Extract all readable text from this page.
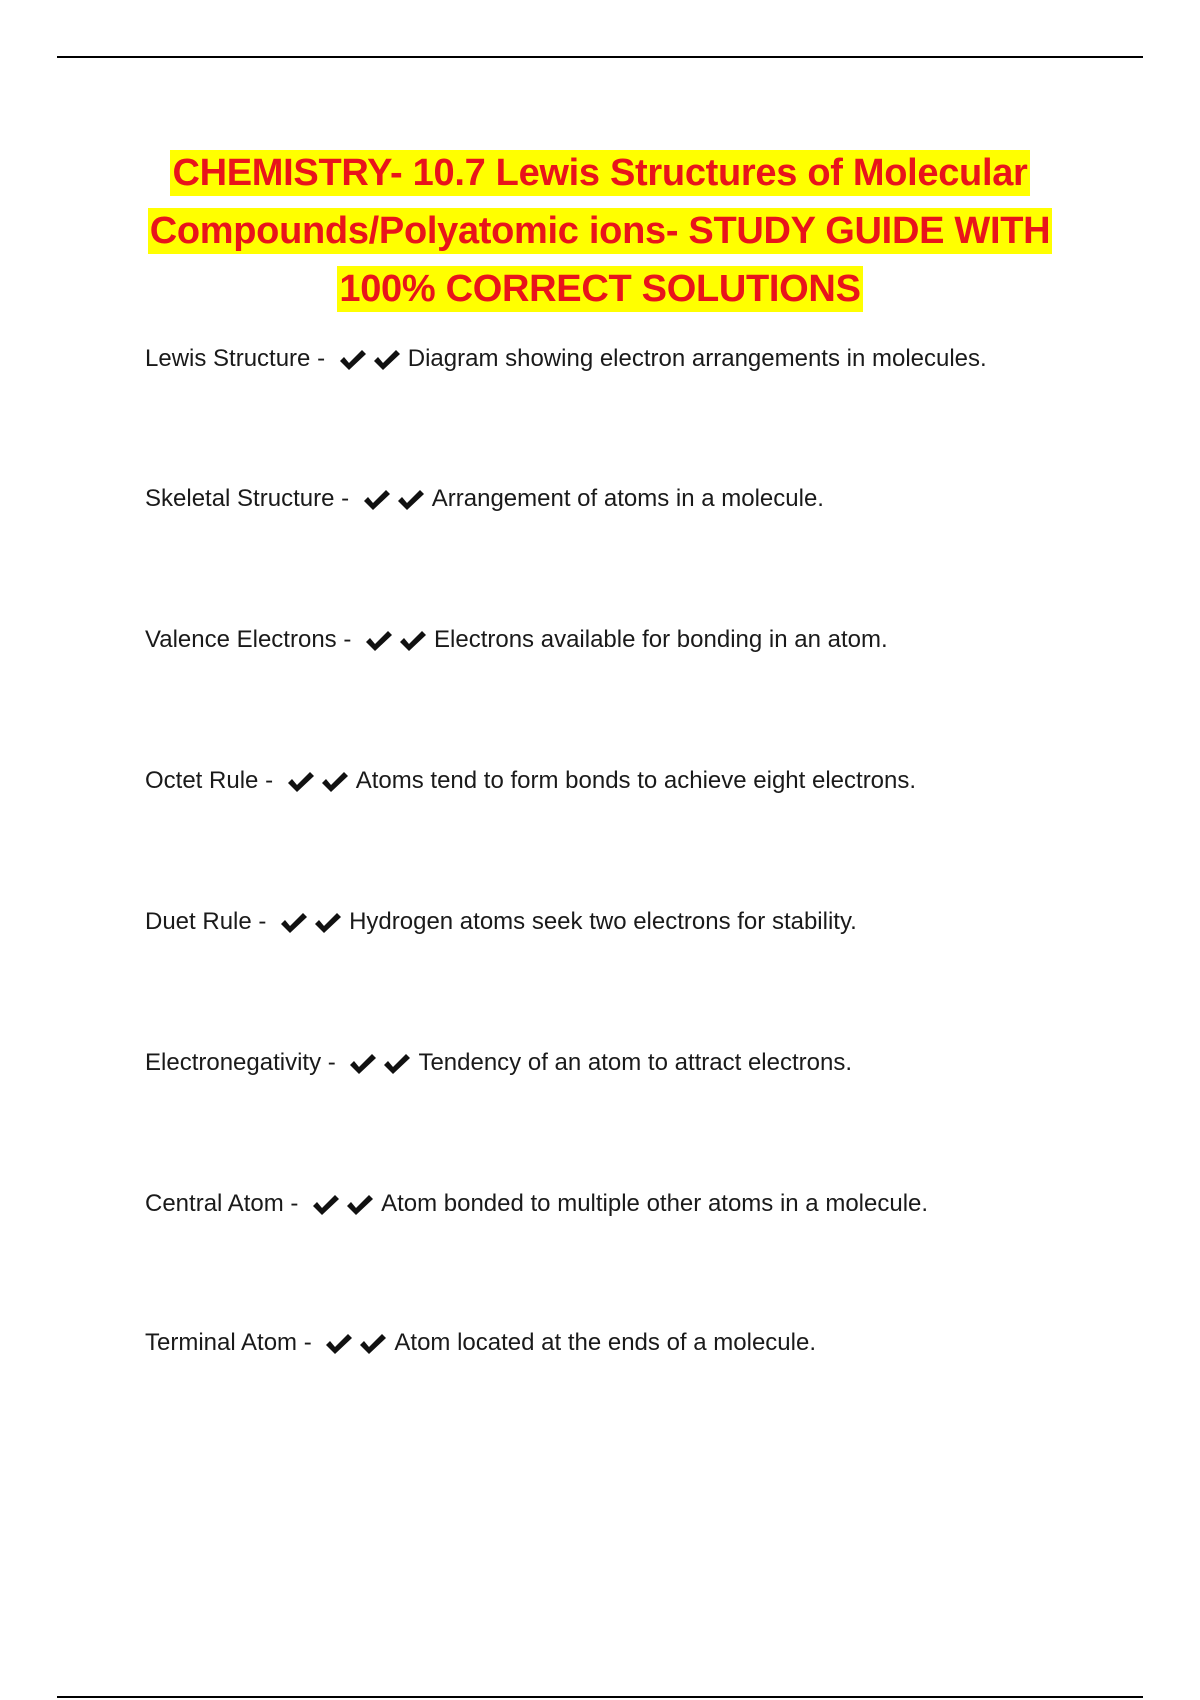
CHEMISTRY- 10.7 Lewis Structures of Molecular
Compounds/Polyatomic ions- STUDY GUIDE WITH
100% CORRECT SOLUTIONS
Lewis Structure -	Diagram showing electron arrangements in molecules.
Skeletal Structure -	Arrangement of atoms in a molecule.
Valence Electrons -	Electrons available for bonding in an atom.
Octet Rule -	Atoms tend to form bonds to achieve eight electrons.
Duet Rule -	Hydrogen atoms seek two electrons for stability.
Electronegativity -	Tendency of an atom to attract electrons.
Central Atom -	Atom bonded to multiple other atoms in a molecule.
Terminal Atom -	Atom located at the ends of a molecule.
